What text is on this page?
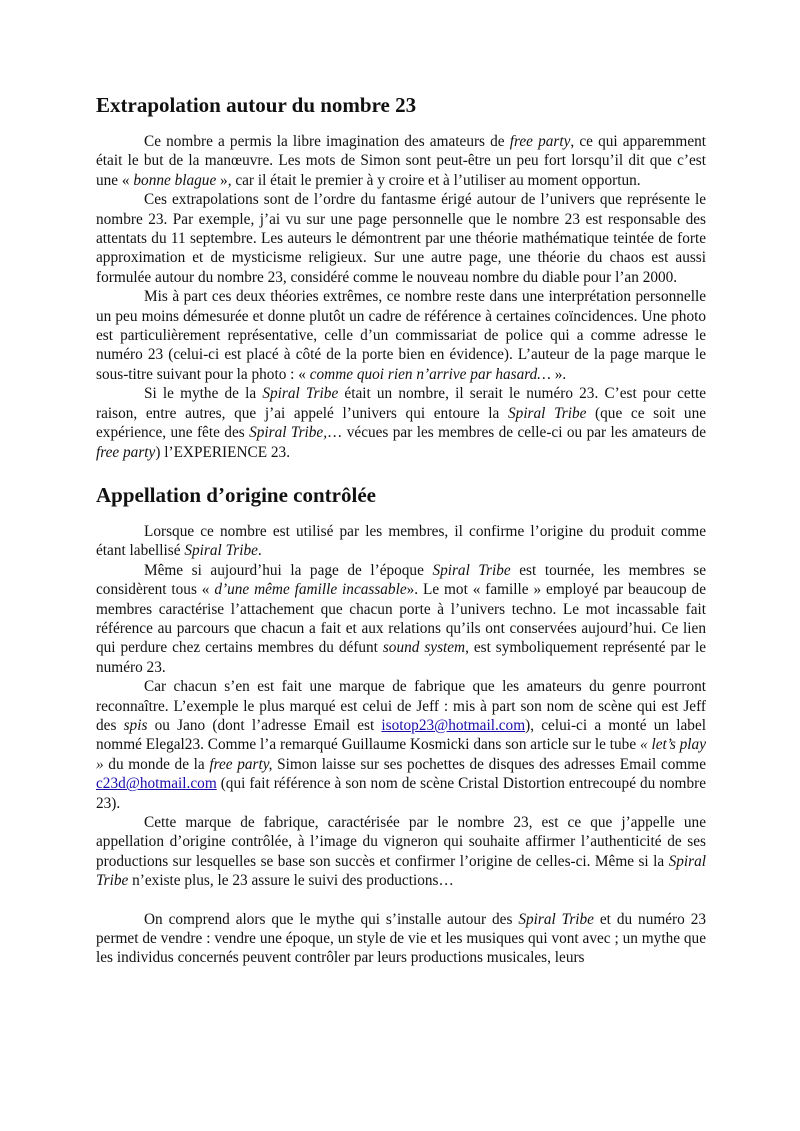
Extrapolation autour du nombre 23

Ce nombre a permis la libre imagination des amateurs de free party, ce qui apparemment était le but de la manœuvre. Les mots de Simon sont peut-être un peu fort lorsqu’il dit que c’est une « bonne blague », car il était le premier à y croire et à l’utiliser au moment opportun.

Ces extrapolations sont de l’ordre du fantasme érigé autour de l’univers que représente le nombre 23. Par exemple, j’ai vu sur une page personnelle que le nombre 23 est responsable des attentats du 11 septembre. Les auteurs le démontrent par une théorie mathématique teintée de forte approximation et de mysticisme religieux. Sur une autre page, une théorie du chaos est aussi formulée autour du nombre 23, considéré comme le nouveau nombre du diable pour l’an 2000.

Mis à part ces deux théories extrêmes, ce nombre reste dans une interprétation personnelle un peu moins démesurée et donne plutôt un cadre de référence à certaines coïncidences. Une photo est particulièrement représentative, celle d’un commissariat de police qui a comme adresse le numéro 23 (celui-ci est placé à côté de la porte bien en évidence). L’auteur de la page marque le sous-titre suivant pour la photo : « comme quoi rien n’arrive par hasard… ».

Si le mythe de la Spiral Tribe était un nombre, il serait le numéro 23. C’est pour cette raison, entre autres, que j’ai appelé l’univers qui entoure la Spiral Tribe (que ce soit une expérience, une fête des Spiral Tribe,… vécues par les membres de celle-ci ou par les amateurs de free party) l’EXPERIENCE 23.

Appellation d’origine contrôlée

Lorsque ce nombre est utilisé par les membres, il confirme l’origine du produit comme étant labellisé Spiral Tribe.

Même si aujourd’hui la page de l’époque Spiral Tribe est tournée, les membres se considèrent tous « d’une même famille incassable». Le mot « famille » employé par beaucoup de membres caractérise l’attachement que chacun porte à l’univers techno. Le mot incassable fait référence au parcours que chacun a fait et aux relations qu’ils ont conservées aujourd’hui. Ce lien qui perdure chez certains membres du défunt sound system, est symboliquement représenté par le numéro 23.

Car chacun s’en est fait une marque de fabrique que les amateurs du genre pourront reconnaître. L’exemple le plus marqué est celui de Jeff : mis à part son nom de scène qui est Jeff des spis ou Jano (dont l’adresse Email est isotop23@hotmail.com), celui-ci a monté un label nommé Elegal23. Comme l’a remarqué Guillaume Kosmicki dans son article sur le tube « let’s play » du monde de la free party, Simon laisse sur ses pochettes de disques des adresses Email comme c23d@hotmail.com (qui fait référence à son nom de scène Cristal Distortion entrecoupé du nombre 23).

Cette marque de fabrique, caractérisée par le nombre 23, est ce que j’appelle une appellation d’origine contrôlée, à l’image du vigneron qui souhaite affirmer l’authenticité de ses productions sur lesquelles se base son succès et confirmer l’origine de celles-ci. Même si la Spiral Tribe n’existe plus, le 23 assure le suivi des productions…

On comprend alors que le mythe qui s’installe autour des Spiral Tribe et du numéro 23 permet de vendre : vendre une époque, un style de vie et les musiques qui vont avec ; un mythe que les individus concernés peuvent contrôler par leurs productions musicales, leurs
